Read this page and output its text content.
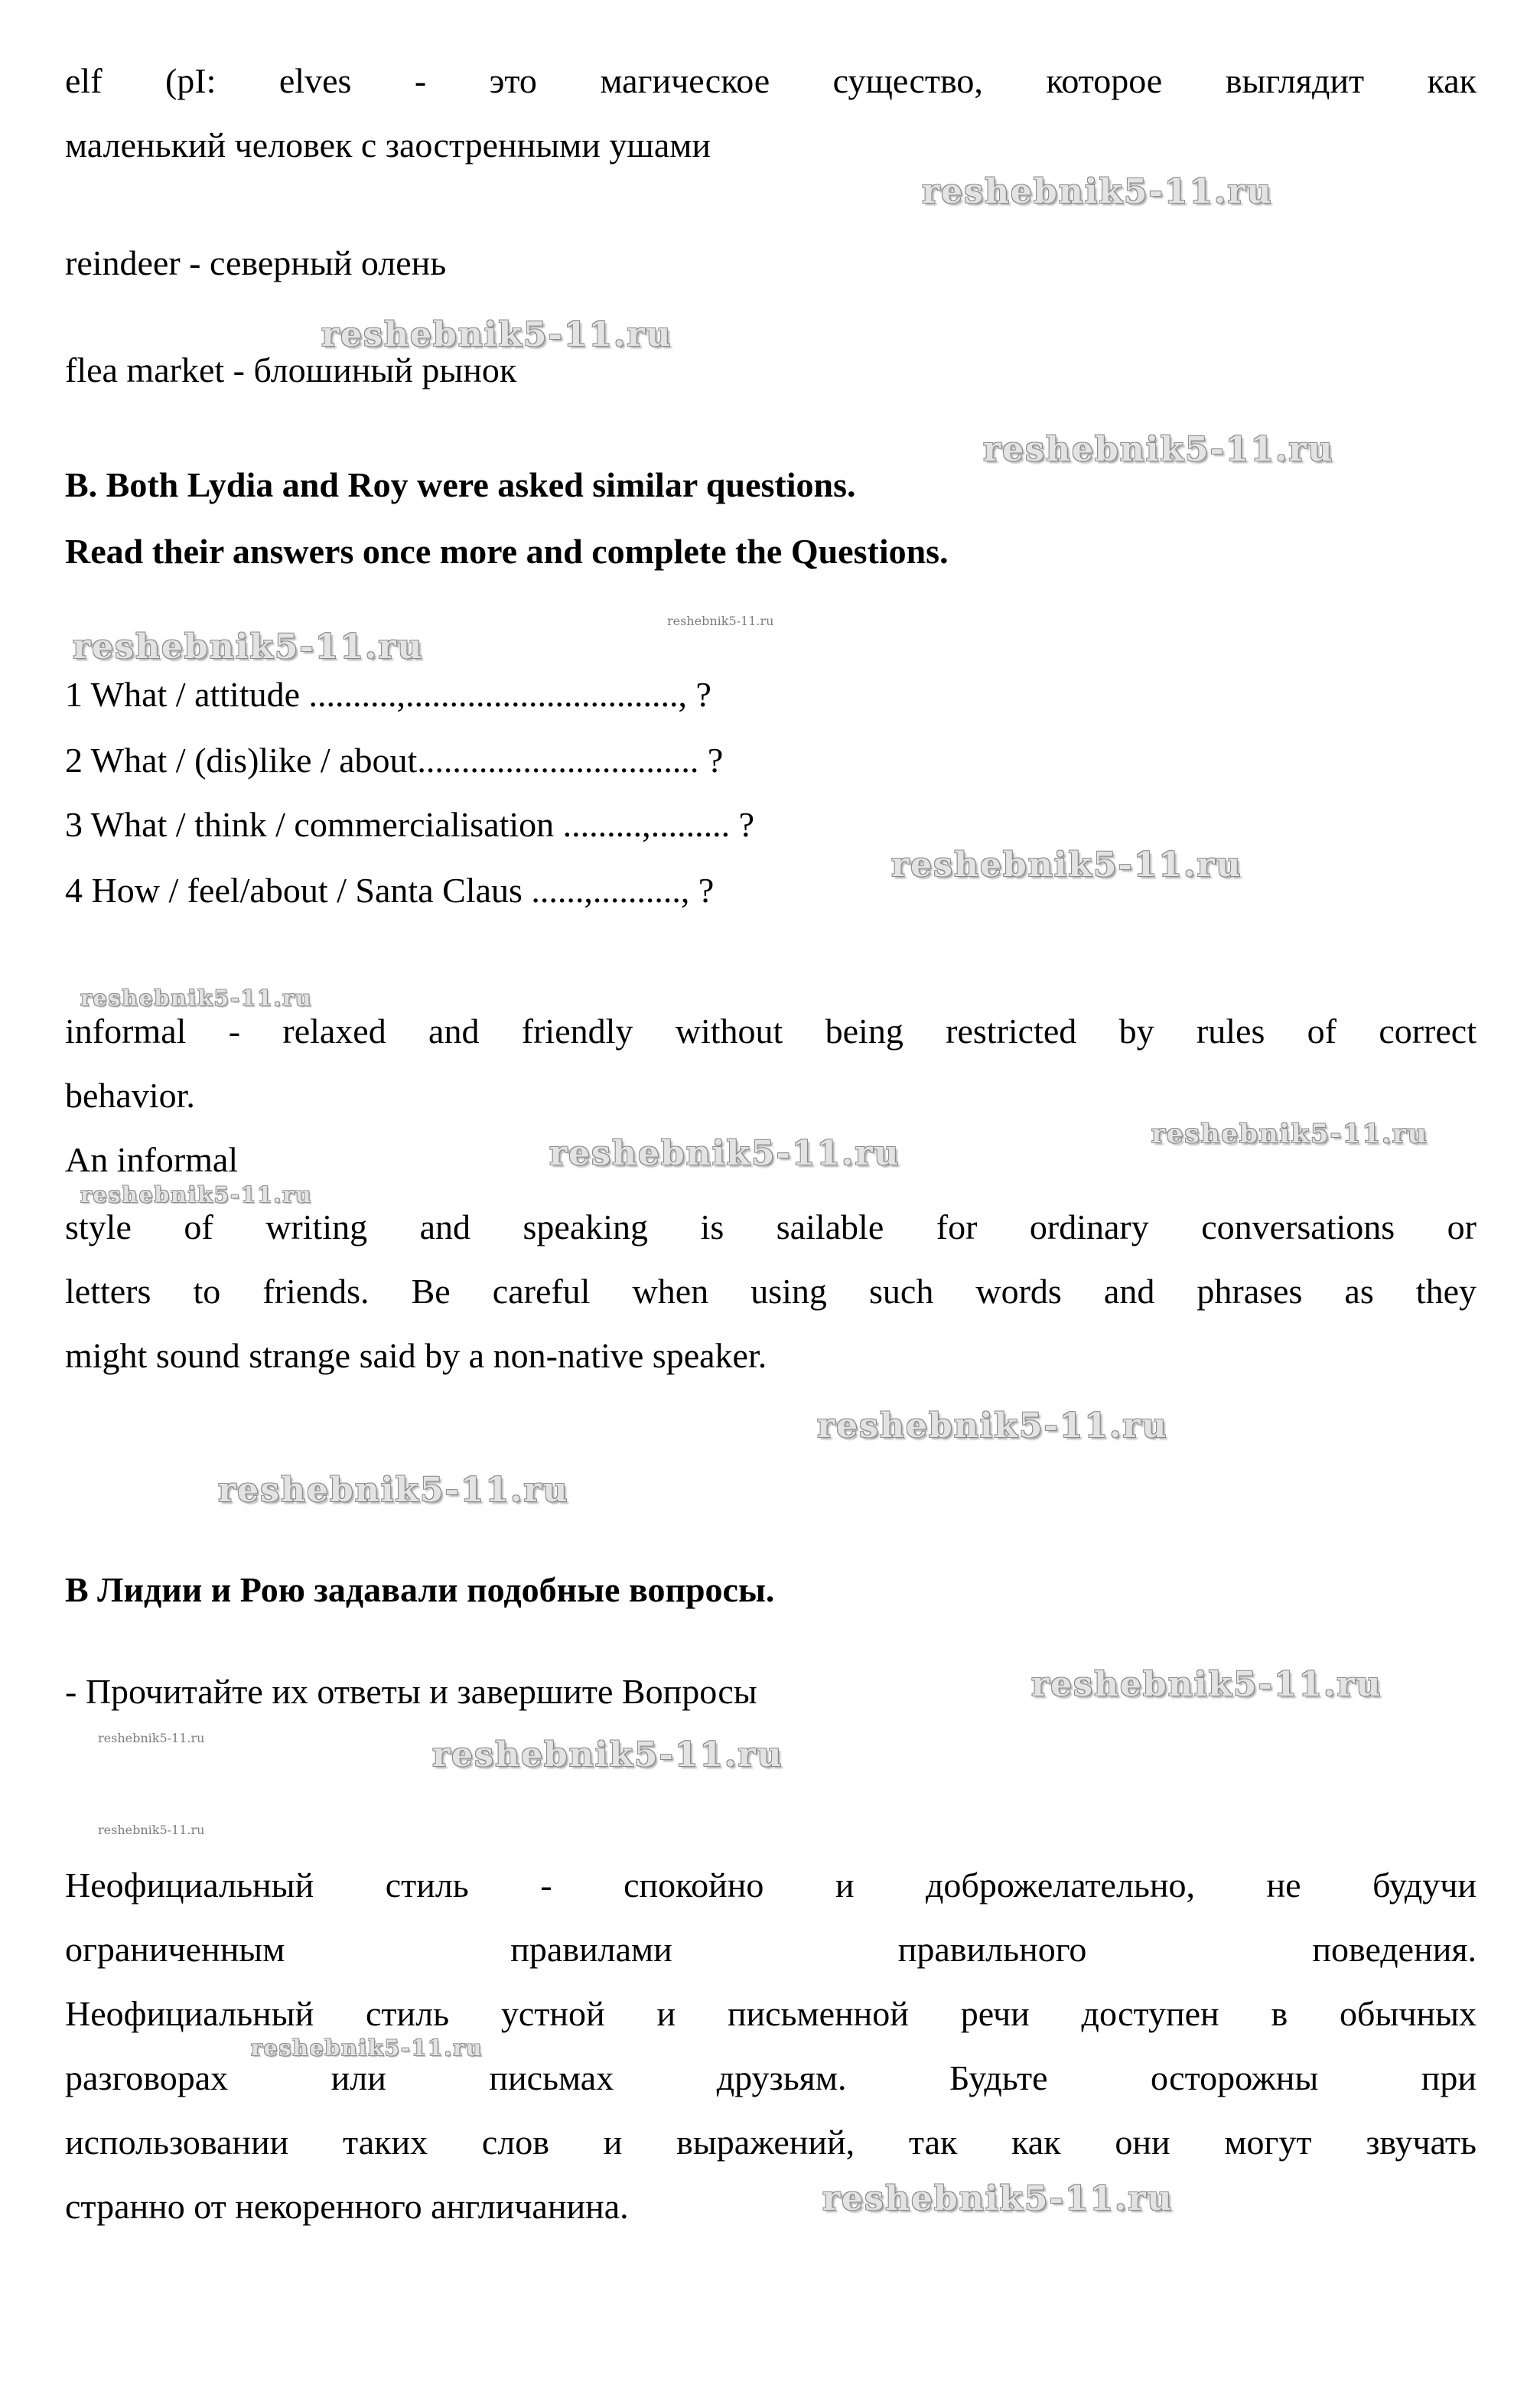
elf (pI: elves - это магическое существо, которое выглядит как
маленький человек с заостренными ушами
reshebnik5-11.ru
reindeer - северный олень
reshebnik5-11.ru
flea market - блошиный рынок
reshebnik5-11.ru
B. Both Lydia and Roy were asked similar questions.
Read their answers once more and complete the Questions.
reshebnik5-11.ru
reshebnik5-11.ru
1 What / attitude ..........,..............................., ?
2 What / (dis)like / about................................ ?
3 What / think / commercialisation .........,......... ?
reshebnik5-11.ru
4 How / feel/about / Santa Claus ......,.........., ?
reshebnik5-11.ru
informal - relaxed and friendly without being restricted by rules of correct
behavior.
reshebnik5-11.ru
An informal	reshebnik5-11.ru
reshebnik5-11.ru
style of writing and speaking is sailable for ordinary conversations or
letters to friends. Be careful when using such words and phrases as they
might sound strange said by a non-native speaker.
reshebnik5-11.ru
reshebnik5-11.ru
В Лидии и Рою задавали подобные вопросы.
- Прочитайте их ответы и завершите Вопросы	reshebnik5-11.ru
reshebnik5-11.ru	reshebnik5-11.ru
reshebnik5-11.ru
Неофициальный стиль - спокойно и доброжелательно, не будучи
ограниченным правилами правильного поведения.
Неофициальный стиль устной и письменной речи доступен в обычных
reshebnik5-11.ru
разговорах или письмах друзьям. Будьте осторожны при
использовании таких слов и выражений, так как они могут звучать
странно от некоренного англичанина.	reshebnik5-11.ru
